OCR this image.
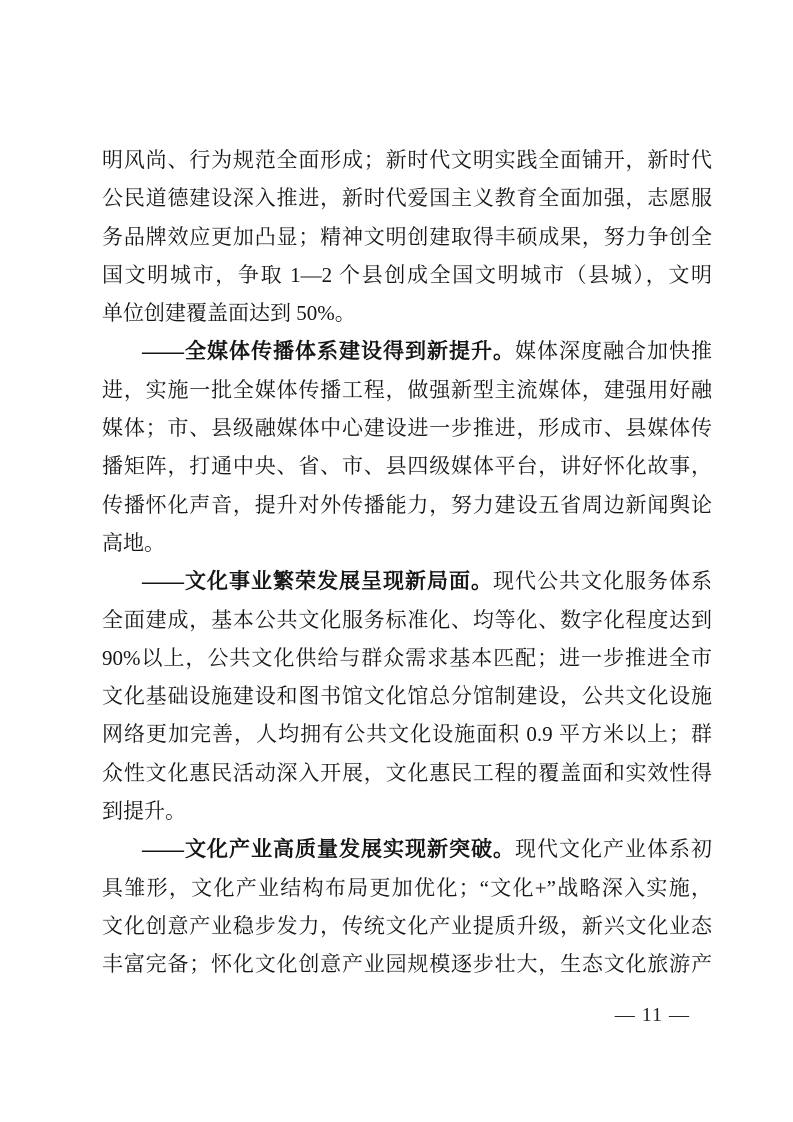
明风尚、行为规范全面形成；新时代文明实践全面铺开，新时代
公民道德建设深入推进，新时代爱国主义教育全面加强，志愿服
务品牌效应更加凸显；精神文明创建取得丰硕成果，努力争创全
国文明城市，争取 1—2 个县创成全国文明城市（县城），文明
单位创建覆盖面达到 50%。
——全媒体传播体系建设得到新提升。媒体深度融合加快推
进，实施一批全媒体传播工程，做强新型主流媒体，建强用好融
媒体；市、县级融媒体中心建设进一步推进，形成市、县媒体传
播矩阵，打通中央、省、市、县四级媒体平台，讲好怀化故事，
传播怀化声音，提升对外传播能力，努力建设五省周边新闻舆论
高地。
——文化事业繁荣发展呈现新局面。现代公共文化服务体系
全面建成，基本公共文化服务标准化、均等化、数字化程度达到
90%以上，公共文化供给与群众需求基本匹配；进一步推进全市
文化基础设施建设和图书馆文化馆总分馆制建设，公共文化设施
网络更加完善，人均拥有公共文化设施面积 0.9 平方米以上；群
众性文化惠民活动深入开展，文化惠民工程的覆盖面和实效性得
到提升。
——文化产业高质量发展实现新突破。现代文化产业体系初
具雏形，文化产业结构布局更加优化；“文化+”战略深入实施，
文化创意产业稳步发力，传统文化产业提质升级，新兴文化业态
丰富完备；怀化文化创意产业园规模逐步壮大，生态文化旅游产
— 11 —
